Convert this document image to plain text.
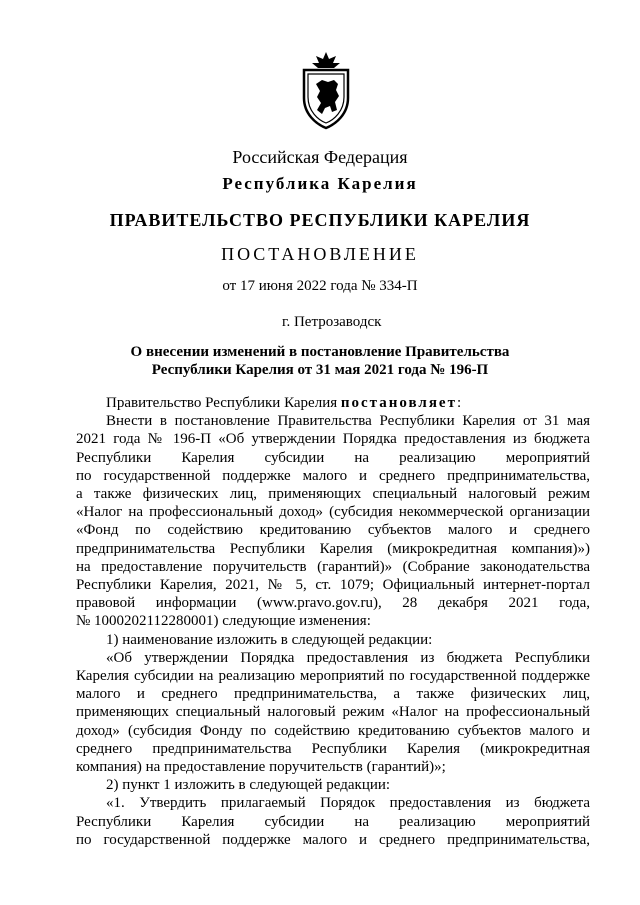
Российская Федерация
Республика Карелия
ПРАВИТЕЛЬСТВО РЕСПУБЛИКИ КАРЕЛИЯ
ПОСТАНОВЛЕНИЕ
от 17 июня 2022 года № 334-П
г. Петрозаводск
О внесении изменений в постановление Правительства
Республики Карелия от 31 мая 2021 года № 196-П

Правительство Республики Карелия постановляет:

Внести в постановление Правительства Республики Карелия от 31 мая

2021 года № 196-П «Об утверждении Порядка предоставления из бюджета

Республики Карелия субсидии на реализацию мероприятий

по государственной поддержке малого и среднего предпринимательства,

а также физических лиц, применяющих специальный налоговый режим

«Налог на профессиональный доход» (субсидия некоммерческой организации

«Фонд по содействию кредитованию субъектов малого и среднего

предпринимательства Республики Карелия (микрокредитная компания)»)

на предоставление поручительств (гарантий)» (Собрание законодательства

Республики Карелия, 2021, № 5, ст. 1079; Официальный интернет-портал

правовой информации (www.pravo.gov.ru), 28 декабря 2021 года,

№ 1000202112280001) следующие изменения:

1) наименование изложить в следующей редакции:

«Об утверждении Порядка предоставления из бюджета Республики

Карелия субсидии на реализацию мероприятий по государственной поддержке

малого и среднего предпринимательства, а также физических лиц,

применяющих специальный налоговый режим «Налог на профессиональный

доход» (субсидия Фонду по содействию кредитованию субъектов малого и

среднего предпринимательства Республики Карелия (микрокредитная

компания) на предоставление поручительств (гарантий)»;

2) пункт 1 изложить в следующей редакции:

«1. Утвердить прилагаемый Порядок предоставления из бюджета

Республики Карелия субсидии на реализацию мероприятий

по государственной поддержке малого и среднего предпринимательства,
